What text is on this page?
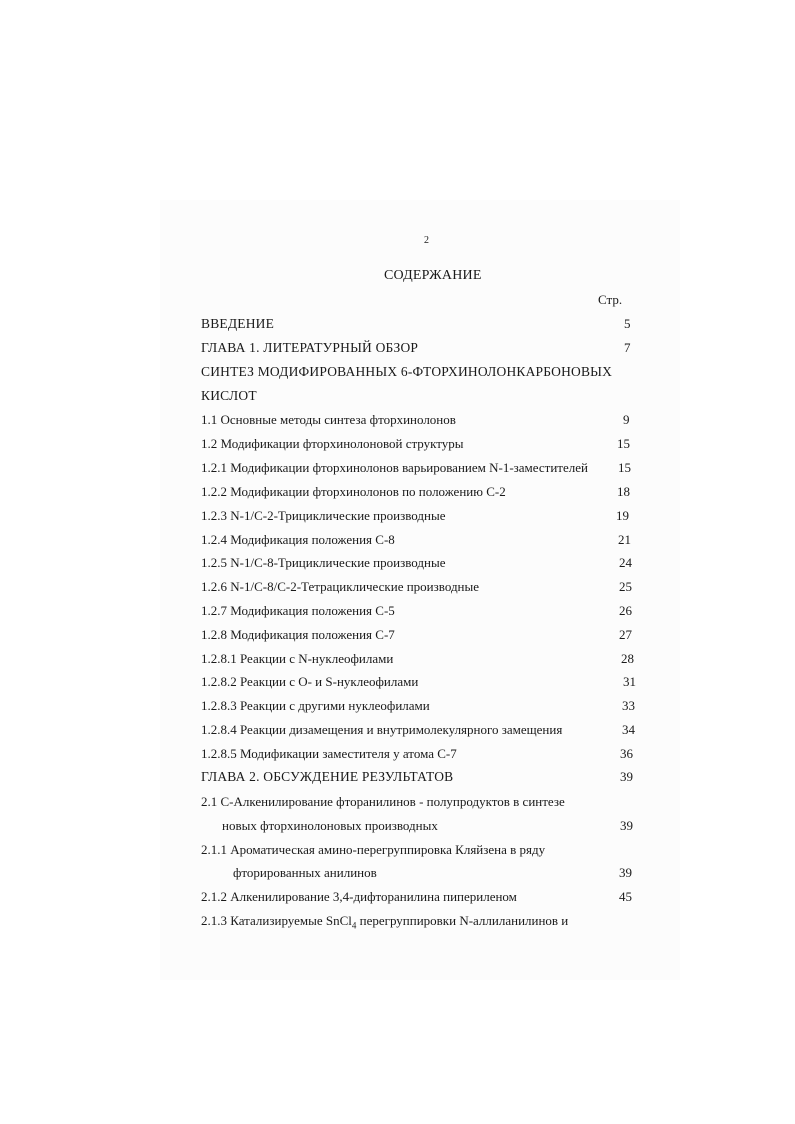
2
СОДЕРЖАНИЕ
Стр.
ВВЕДЕНИЕ	5
ГЛАВА 1. ЛИТЕРАТУРНЫЙ ОБЗОР	7
СИНТЕЗ МОДИФИРОВАННЫХ 6-ФТОРХИНОЛОНКАРБОНОВЫХ
КИСЛОТ
1.1 Основные методы синтеза фторхинолонов	9
1.2 Модификации фторхинолоновой структуры	15
1.2.1 Модификации фторхинолонов варьированием N-1-заместителей 15
1.2.2 Модификации фторхинолонов по положению С-2	18
1.2.3 N-1/C-2-Трициклические производные	19
1.2.4 Модификация положения С-8	21
1.2.5 N-1/C-8-Трициклические производные	24
1.2.6 N-1/C-8/C-2-Тетрациклические производные	25
1.2.7 Модификация положения С-5	26
1.2.8 Модификация положения С-7	27
1.2.8.1 Реакции с N-нуклеофилами	28
1.2.8.2 Реакции с О- и S-нуклеофилами	31
1.2.8.3 Реакции с другими нуклеофилами	33
1.2.8.4 Реакции дизамещения и внутримолекулярного замещения	34
1.2.8.5 Модификации заместителя у атома С-7	36
ГЛАВА 2. ОБСУЖДЕНИЕ РЕЗУЛЬТАТОВ	39
2.1 С-Алкенилирование фторанилинов - полупродуктов в синтезе
новых фторхинолоновых производных	39
2.1.1 Ароматическая амино-перегруппировка Кляйзена в ряду
фторированных анилинов	39
2.1.2 Алкенилирование 3,4-дифторанилина пипериленом	45
2.1.3 Катализируемые SnCl$_4$ перегруппировки N-аллиланилинов и
